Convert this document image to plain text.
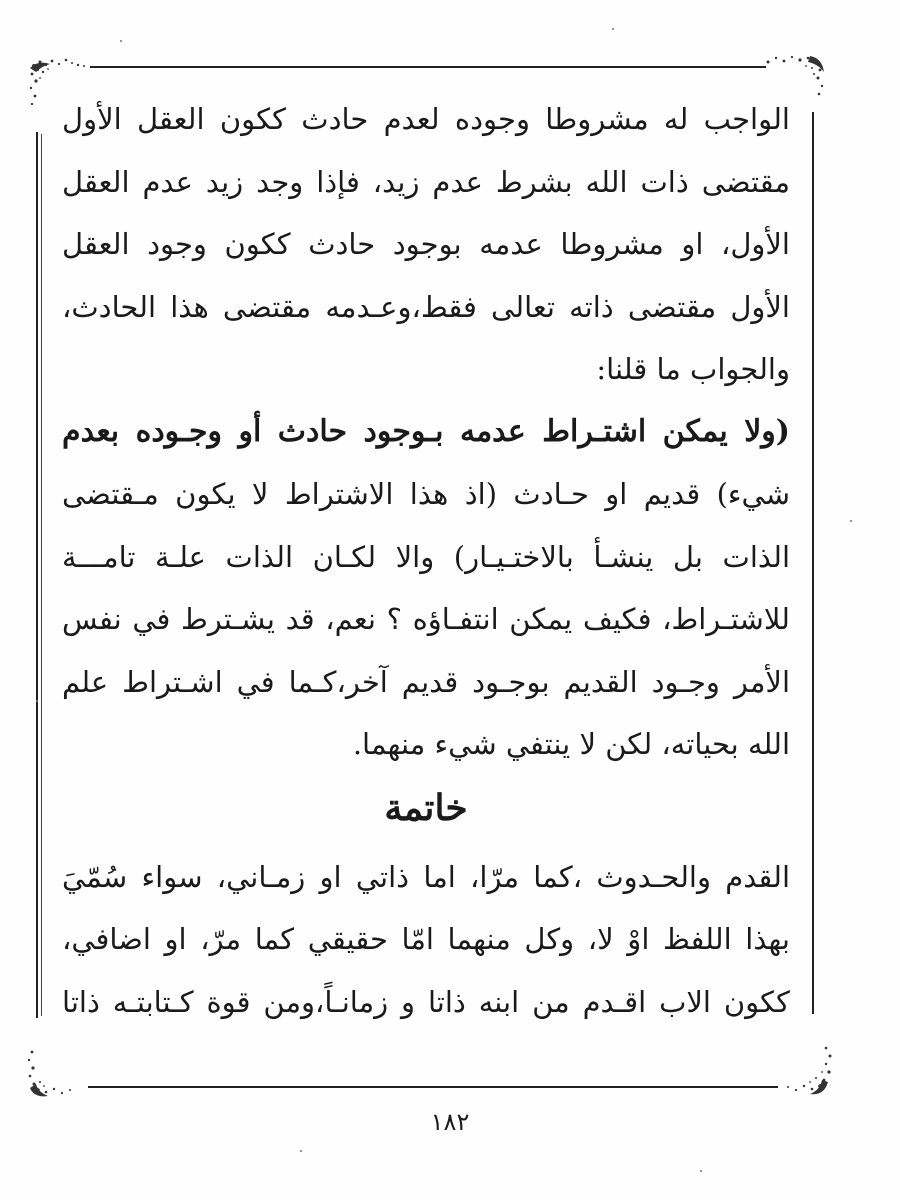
الواجب له مشروطا وجوده لعدم حادث ككون العقل الأول
مقتضى ذات الله بشرط عدم زيد، فإذا وجد زيد عدم العقل
الأول، او مشروطا عدمه بوجود حادث ككون وجود العقل
الأول مقتضى ذاته تعالى فقط،وعـدمه مقتضى هذا الحادث،
والجواب ما قلنا:
(ولا يمكن اشتـراط عدمه بـوجود حادث أو وجـوده بعدم
شيء) قديم او حـادث (اذ هذا الاشتراط لا يكون مـقتضى
الذات بل ينشـأ بالاختـيـار) والا لكـان الذات علـة تامـــة
للاشتـراط، فكيف يمكن انتفـاؤه ؟ نعم، قد يشـترط في نفس
الأمر وجـود القديم بوجـود قديم آخر،كـما في اشـتراط علم
الله بحياته، لكن لا ينتفي شيء منهما.
خاتمة
القدم والحـدوث ،كما مرّا، اما ذاتي او زمـاني، سواء سُمّيَ
بهذا اللفظ اوْ لا، وكل منهما امّا حقيقي كما مرّ، او اضافي،
ككون الاب اقـدم من ابنه ذاتا و زمانـاً،ومن قوة كـتابتـه ذاتا
١٨٢
